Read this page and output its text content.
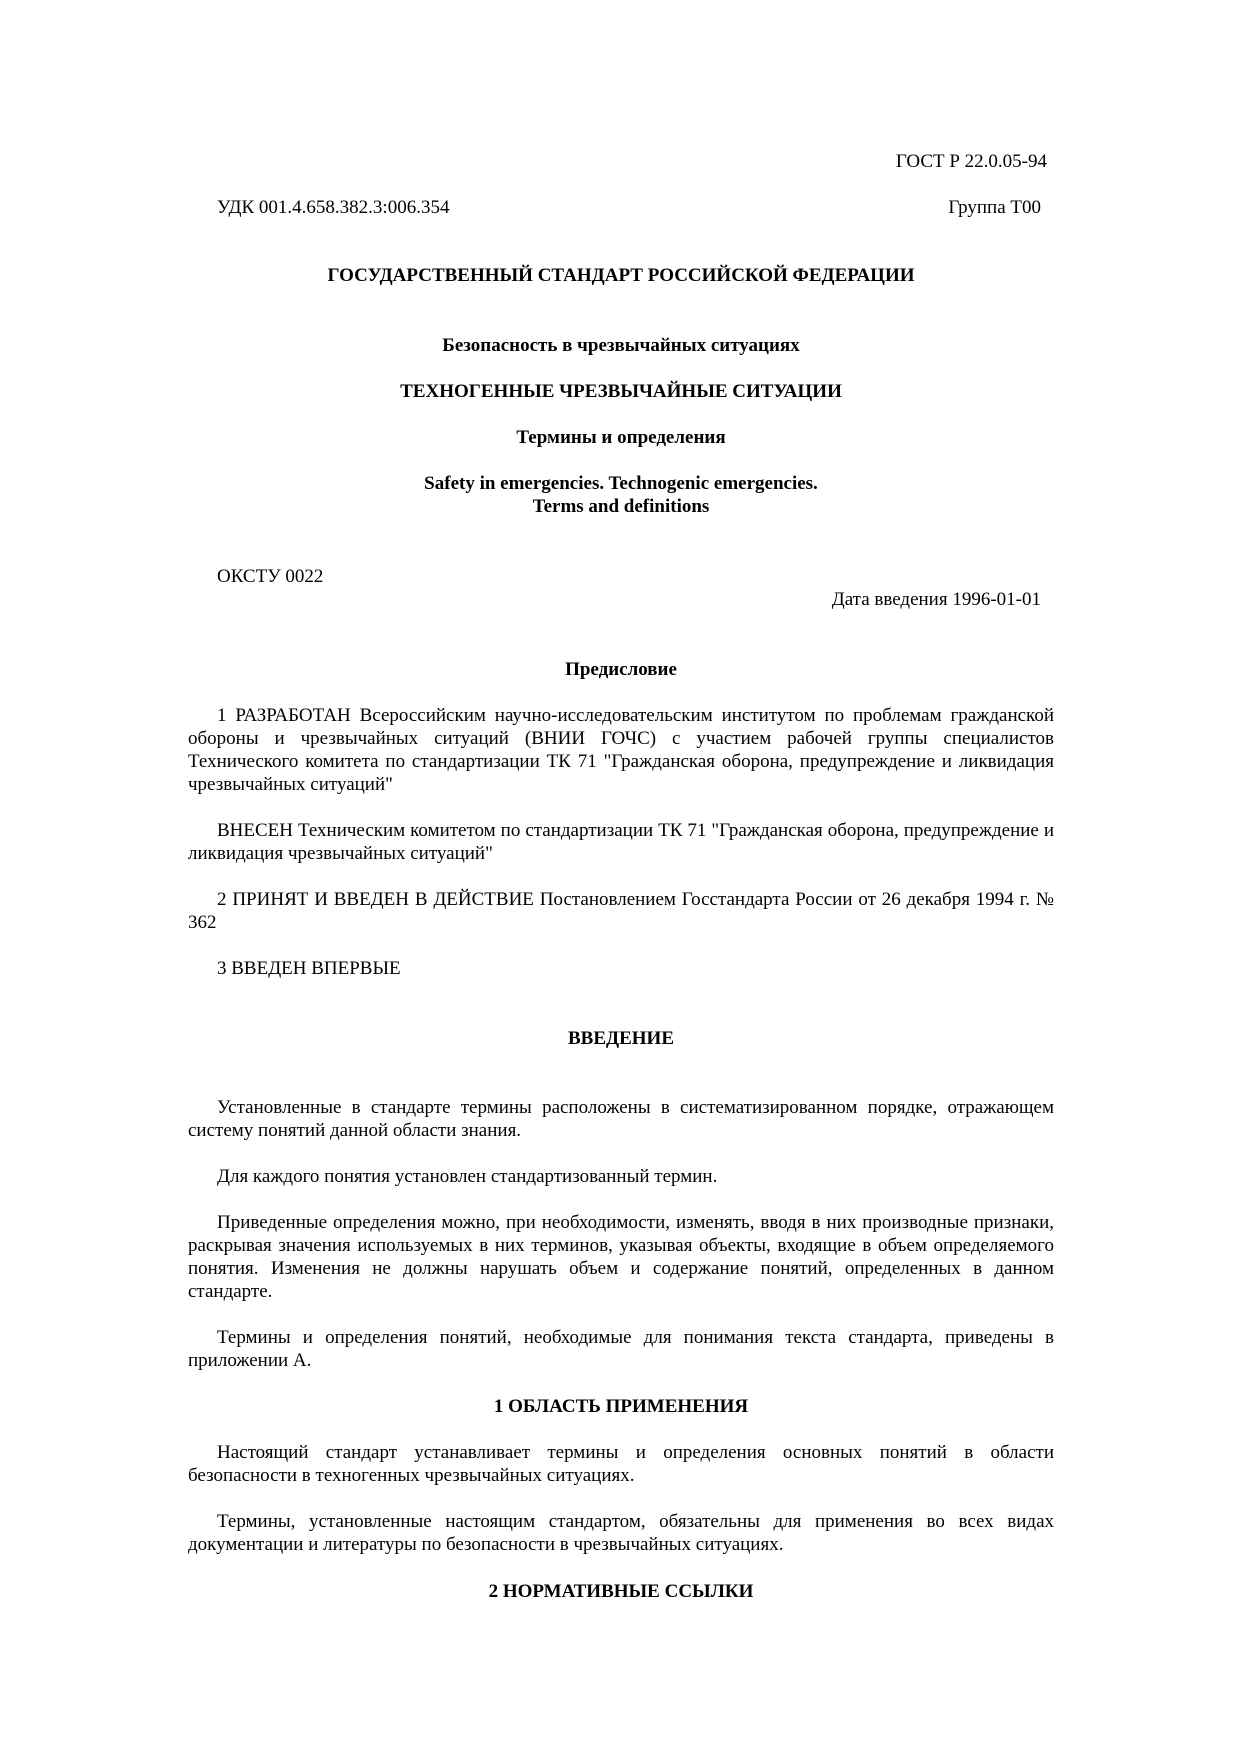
ГОСТ Р 22.0.05-94
УДК 001.4.658.382.3:006.354	Группа Т00
ГОСУДАРСТВЕННЫЙ СТАНДАРТ РОССИЙСКОЙ ФЕДЕРАЦИИ
Безопасность в чрезвычайных ситуациях
ТЕХНОГЕННЫЕ ЧРЕЗВЫЧАЙНЫЕ СИТУАЦИИ
Термины и определения
Safety in emergencies. Technogenic emergencies.
Terms and definitions
ОКСТУ 0022
Дата введения 1996-01-01
Предисловие

1 РАЗРАБОТАН Всероссийским научно-исследовательским институтом по проблемам гражданской обороны и чрезвычайных ситуаций (ВНИИ ГОЧС) с участием рабочей группы специалистов Технического комитета по стандартизации ТК 71 "Гражданская оборона, предупреждение и ликвидация чрезвычайных ситуаций"

ВНЕСЕН Техническим комитетом по стандартизации ТК 71 "Гражданская оборона, предупреждение и ликвидация чрезвычайных ситуаций"

2 ПРИНЯТ И ВВЕДЕН В ДЕЙСТВИЕ Постановлением Госстандарта России от 26 декабря 1994 г. № 362

3 ВВЕДЕН ВПЕРВЫЕ

ВВЕДЕНИЕ

Установленные в стандарте термины расположены в систематизированном порядке, отражающем систему понятий данной области знания.

Для каждого понятия установлен стандартизованный термин.

Приведенные определения можно, при необходимости, изменять, вводя в них производные признаки, раскрывая значения используемых в них терминов, указывая объекты, входящие в объем определяемого понятия. Изменения не должны нарушать объем и содержание понятий, определенных в данном стандарте.

Термины и определения понятий, необходимые для понимания текста стандарта, приведены в приложении А.

1 ОБЛАСТЬ ПРИМЕНЕНИЯ

Настоящий стандарт устанавливает термины и определения основных понятий в области безопасности в техногенных чрезвычайных ситуациях.

Термины, установленные настоящим стандартом, обязательны для применения во всех видах документации и литературы по безопасности в чрезвычайных ситуациях.

2 НОРМАТИВНЫЕ ССЫЛКИ
